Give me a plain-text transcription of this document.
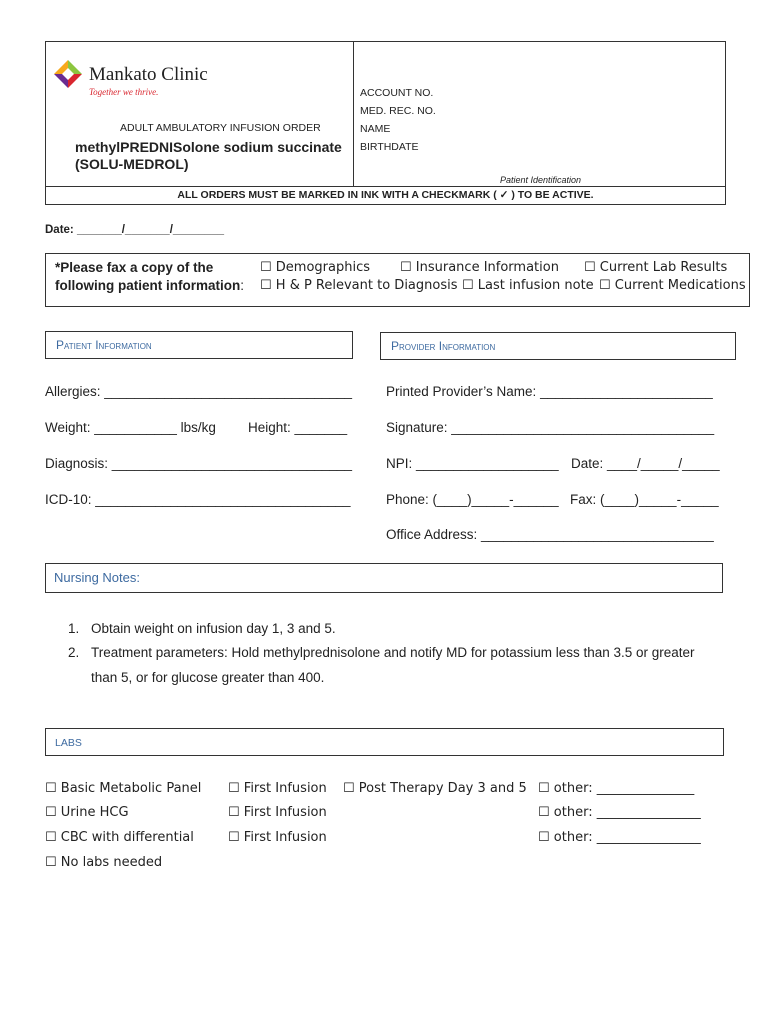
Mankato Clinic
Together we thrive.
ADULT AMBULATORY INFUSION ORDER
methylPREDNISolone sodium succinate
(SOLU-MEDROL)
ACCOUNT NO.
MED. REC. NO.
NAME
BIRTHDATE
Patient Identification
ALL ORDERS MUST BE MARKED IN INK WITH A CHECKMARK ( ✓ ) TO BE ACTIVE.
Date: _______/_______/________
*Please fax a copy of the
following patient information:
☐ Demographics ☐ Insurance Information ☐ Current Lab Results
☐ H & P Relevant to Diagnosis ☐ Last infusion note ☐ Current Medications
Patient Information
Allergies: _________________________________
Weight: ___________ lbs/kg Height: _______
Diagnosis: ________________________________
ICD-10: __________________________________
Provider Information
Printed Provider’s Name: _______________________
Signature: ___________________________________
NPI: ___________________ Date: ____/_____/_____
Phone: (____)_____-______ Fax: (____)_____-_____
Office Address: _______________________________
Nursing Notes:
1. Obtain weight on infusion day 1, 3 and 5.
2. Treatment parameters: Hold methylprednisolone and notify MD for potassium less than 3.5 or greater
than 5, or for glucose greater than 400.
LABS
☐ Basic Metabolic Panel
☐ Urine HCG
☐ CBC with differential
☐ No labs needed
☐ First Infusion
☐ First Infusion
☐ First Infusion
☐ Post Therapy Day 3 and 5 ☐ other: _______________
☐ other: ________________
☐ other: ________________
